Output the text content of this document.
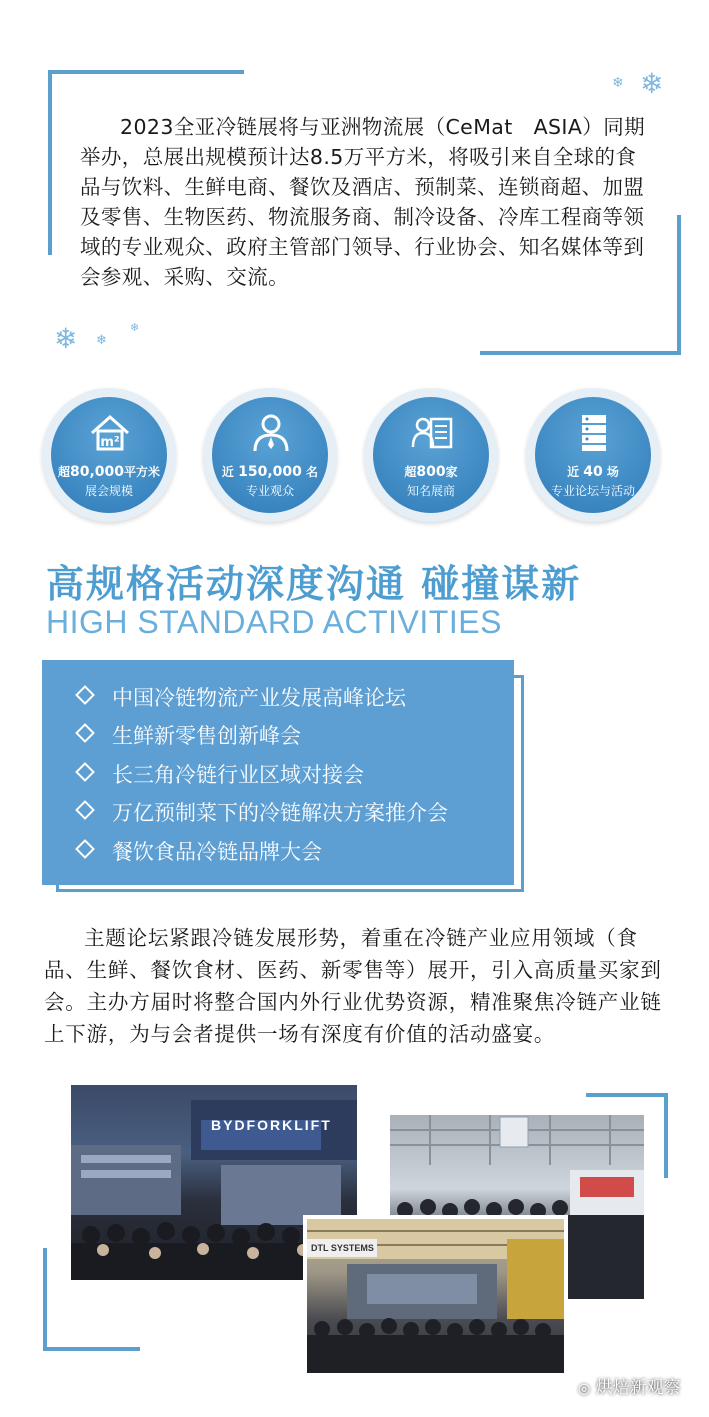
❄ ❄
❄ ❄
❄
2023全亚冷链展将与亚洲物流展（CeMat　ASIA）同期举办，总展出规模预计达8.5万平方米，将吸引来自全球的食品与饮料、生鲜电商、餐饮及酒店、预制菜、连锁商超、加盟及零售、生物医药、物流服务商、制冷设备、冷库工程商等领域的专业观众、政府主管部门领导、行业协会、知名媒体等到会参观、采购、交流。
m²
超80,000平方米
展会规模
近 150,000 名
专业观众
超800家
知名展商
近 40 场
专业论坛与活动
高规格活动深度沟通 碰撞谋新
HIGH STANDARD ACTIVITIES
中国冷链物流产业发展高峰论坛
生鲜新零售创新峰会
长三角冷链行业区域对接会
万亿预制菜下的冷链解决方案推介会
餐饮食品冷链品牌大会
主题论坛紧跟冷链发展形势，着重在冷链产业应用领域（食品、生鲜、餐饮食材、医药、新零售等）展开，引入高质量买家到会。主办方届时将整合国内外行业优势资源，精准聚焦冷链产业链上下游，为与会者提供一场有深度有价值的活动盛宴。
BYDFORKLIFT
DTL SYSTEMS
◎ 烘焙新观察
